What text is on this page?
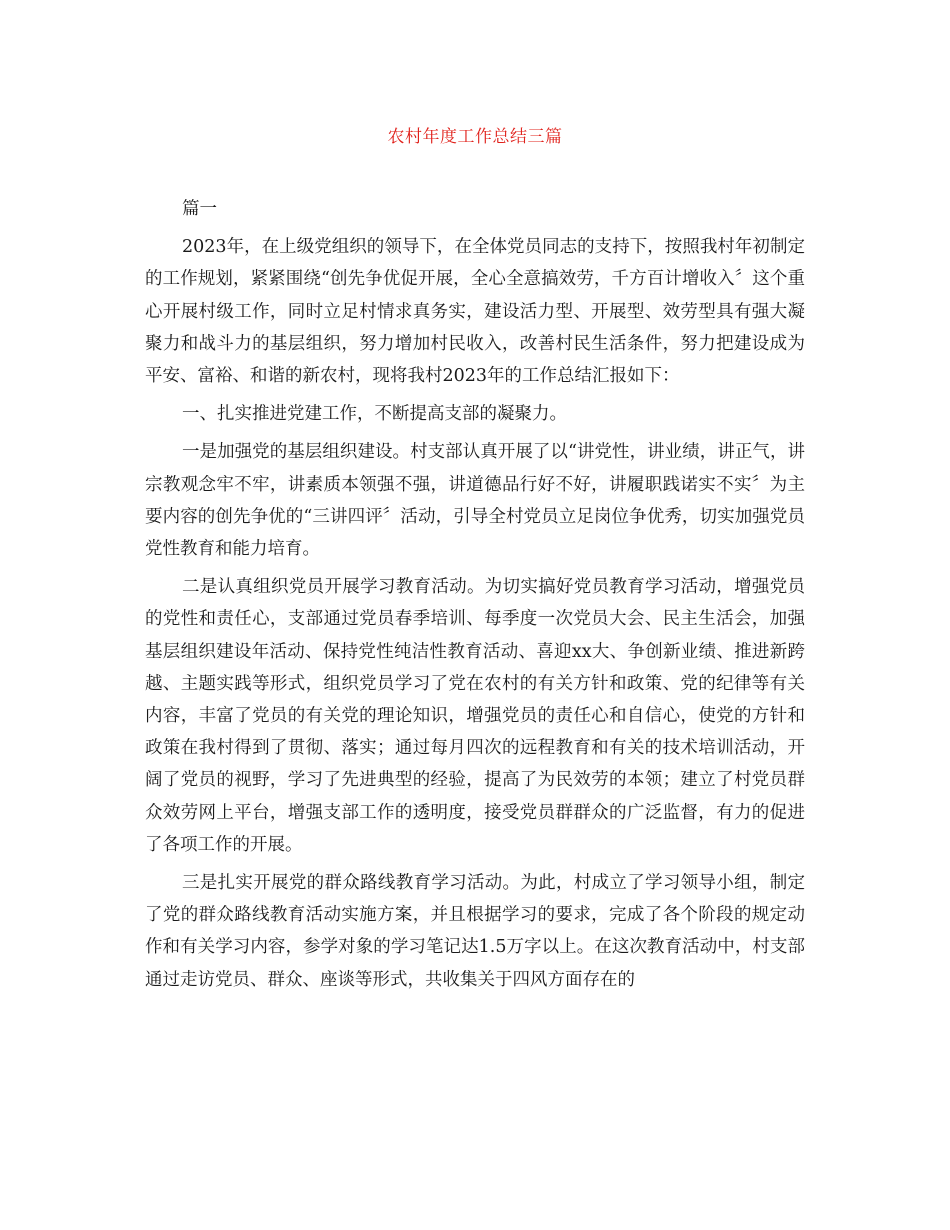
农村年度工作总结三篇

篇一

2023年，在上级党组织的领导下，在全体党员同志的支持下，按照我村年初制定的工作规划，紧紧围绕“创先争优促开展，全心全意搞效劳，千方百计增收入〞这个重心开展村级工作，同时立足村情求真务实，建设活力型、开展型、效劳型具有强大凝聚力和战斗力的基层组织，努力增加村民收入，改善村民生活条件，努力把建设成为平安、富裕、和谐的新农村，现将我村2023年的工作总结汇报如下：

一、扎实推进党建工作，不断提高支部的凝聚力。

一是加强党的基层组织建设。村支部认真开展了以“讲党性，讲业绩，讲正气，讲宗教观念牢不牢，讲素质本领强不强，讲道德品行好不好，讲履职践诺实不实〞为主要内容的创先争优的“三讲四评〞活动，引导全村党员立足岗位争优秀，切实加强党员党性教育和能力培育。

二是认真组织党员开展学习教育活动。为切实搞好党员教育学习活动，增强党员的党性和责任心，支部通过党员春季培训、每季度一次党员大会、民主生活会，加强基层组织建设年活动、保持党性纯洁性教育活动、喜迎xx大、争创新业绩、推进新跨越、主题实践等形式，组织党员学习了党在农村的有关方针和政策、党的纪律等有关内容，丰富了党员的有关党的理论知识，增强党员的责任心和自信心，使党的方针和政策在我村得到了贯彻、落实；通过每月四次的远程教育和有关的技术培训活动，开阔了党员的视野，学习了先进典型的经验，提高了为民效劳的本领；建立了村党员群众效劳网上平台，增强支部工作的透明度，接受党员群群众的广泛监督，有力的促进了各项工作的开展。

三是扎实开展党的群众路线教育学习活动。为此，村成立了学习领导小组，制定了党的群众路线教育活动实施方案，并且根据学习的要求，完成了各个阶段的规定动作和有关学习内容，参学对象的学习笔记达1.5万字以上。在这次教育活动中，村支部通过走访党员、群众、座谈等形式，共收集关于四风方面存在的
